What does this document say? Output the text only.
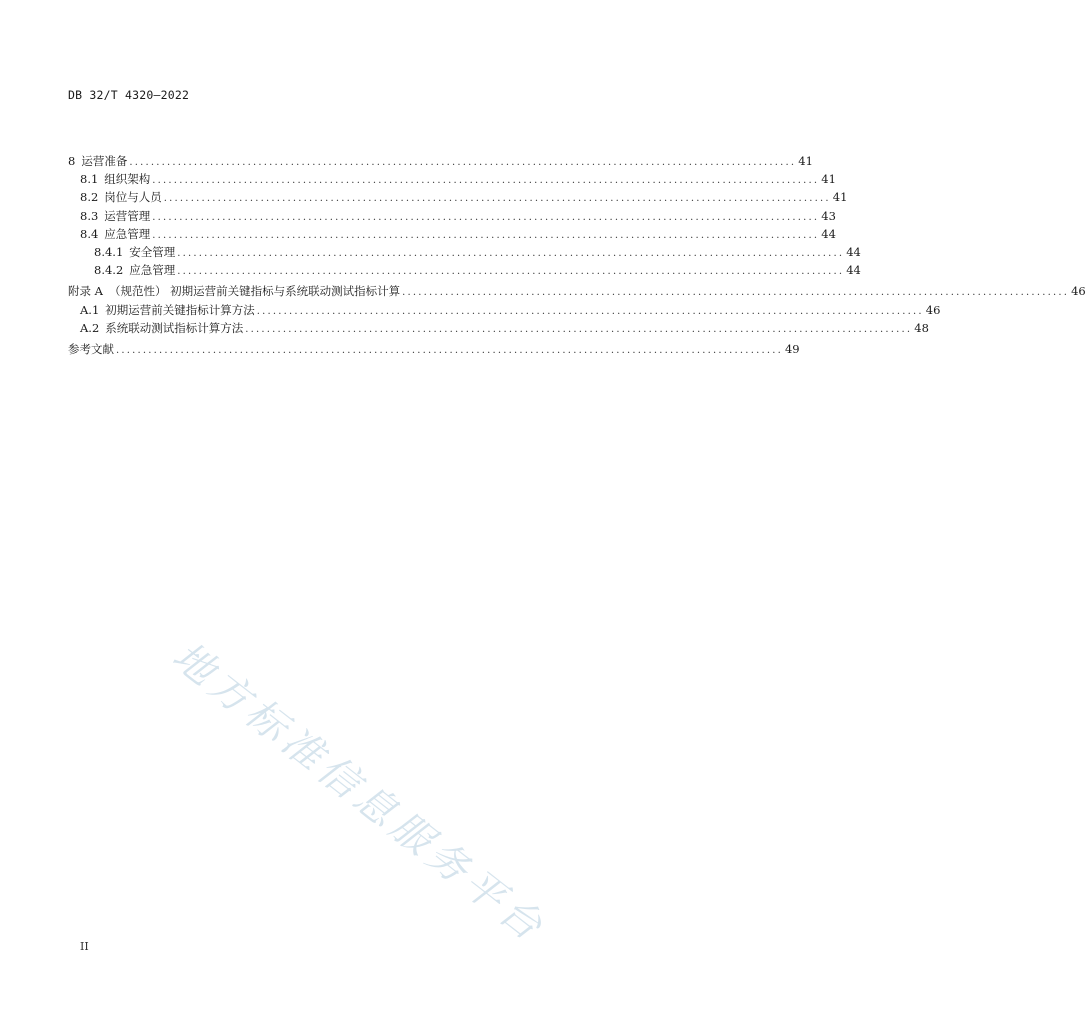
DB 32/T 4320—2022
8 运营准备 ............................................................................................................................ 41
8.1 组织架构 ............................................................................................................................ 41
8.2 岗位与人员 ............................................................................................................................ 41
8.3 运营管理 ............................................................................................................................ 43
8.4 应急管理 ............................................................................................................................ 44
8.4.1 安全管理 ............................................................................................................................ 44
8.4.2 应急管理 ............................................................................................................................ 44
附录 A （规范性） 初期运营前关键指标与系统联动测试指标计算 ............................................................................................................................ 46
A.1 初期运营前关键指标计算方法 ............................................................................................................................ 46
A.2 系统联动测试指标计算方法 ............................................................................................................................ 48
参考文献 ............................................................................................................................ 49
地方标准信息服务平台
II
